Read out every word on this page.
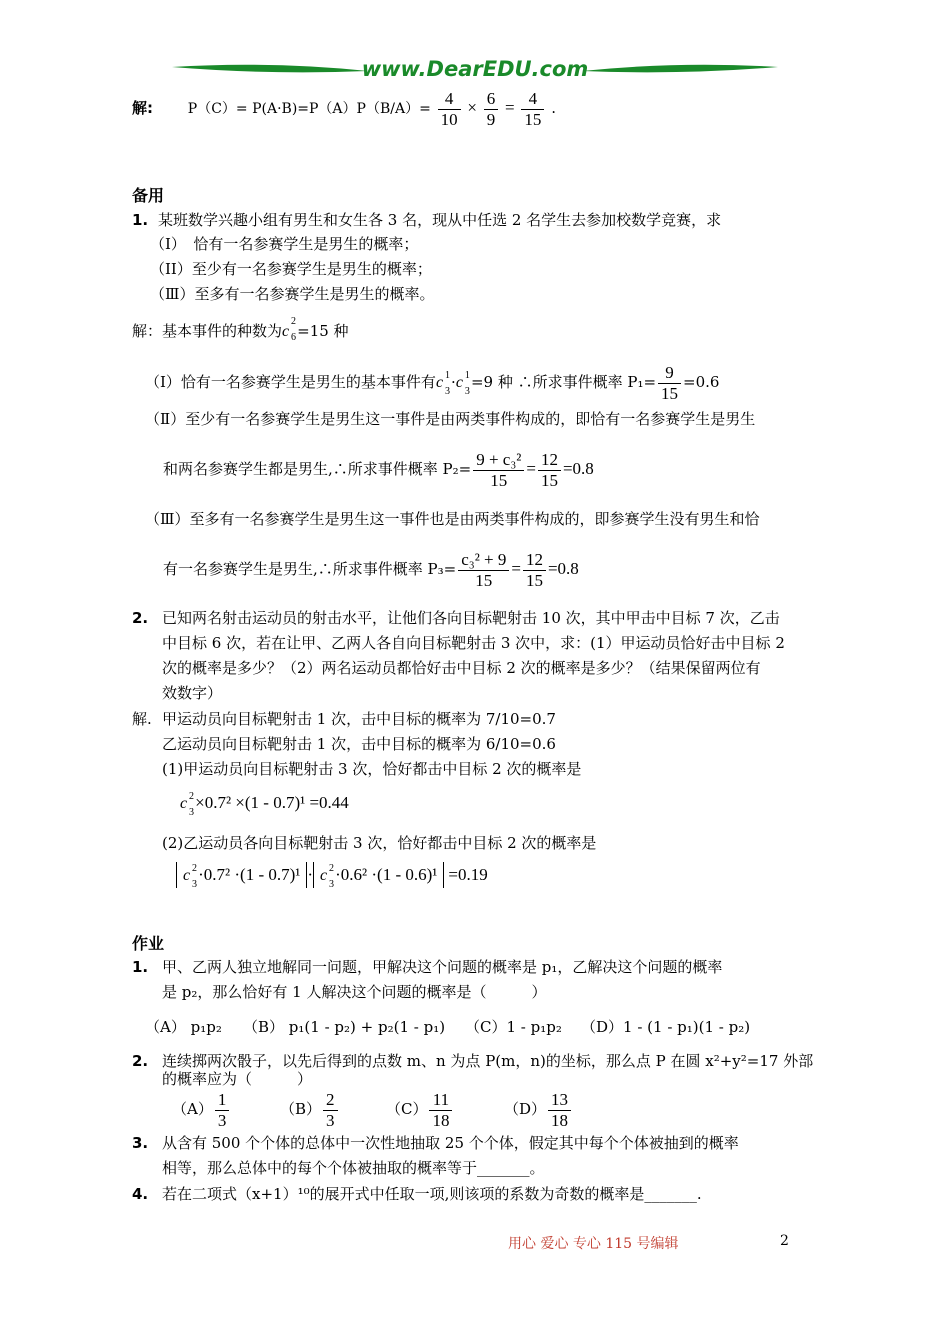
www.DearEDU.com
解: $P(C)= P(A\cdot B)=P(A)P(B/A)= \frac{4}{10} \times \frac{6}{9} = \frac{4}{15}$ .
备用
1. 某班数学兴趣小组有男生和女生各 3 名，现从中任选 2 名学生去参加校数学竞赛，求
（I）　恰有一名参赛学生是男生的概率；
（II）至少有一名参赛学生是男生的概率；
（Ⅲ）至多有一名参赛学生是男生的概率。
解：基本事件的种数为c
2
6 =15 种
（Ⅰ）恰有一名参赛学生是男生的基本事件有c 1
3
·c 1
3
=9 种 ∴所求事件概率 $P_1= \frac{9}{15} =0.6$
（Ⅱ）至少有一名参赛学生是男生这一事件是由两类事件构成的，即恰有一名参赛学生是男生
和两名参赛学生都是男生,∴所求事件概率 $P_2= \frac{\text{9 + c₃²}}{15} = \frac{12}{15} =0.8$
（Ⅲ）至多有一名参赛学生是男生这一事件也是由两类事件构成的，即参赛学生没有男生和恰
有一名参赛学生是男生,∴所求事件概率 $P_3= \frac{\text{c₃² + 9}}{15} = \frac{12}{15} =0.8$
2. 已知两名射击运动员的射击水平，让他们各向目标靶射击 10 次，其中甲击中目标 7 次，乙击
中目标 6 次，若在让甲、乙两人各自向目标靶射击 3 次中，求：(1）甲运动员恰好击中目标 2
次的概率是多少？（2）两名运动员都恰好击中目标 2 次的概率是多少？（结果保留两位有
效数字）
解. 甲运动员向目标靶射击 1 次，击中目标的概率为 7/10=0.7
乙运动员向目标靶射击 1 次，击中目标的概率为 6/10=0.6
(1)甲运动员向目标靶射击 3 次，恰好都击中目标 2 次的概率是
c 2
3
×0.7² ×(1 - 0.7)¹ =0.44
(2)乙运动员各向目标靶射击 3 次，恰好都击中目标 2 次的概率是
c 2
3
·0.7² ·(1 - 0.7)¹ · c 2
3
·0.6² ·(1 - 0.6)¹ =0.19
作业
1. 甲、乙两人独立地解同一问题，甲解决这个问题的概率是 p₁，乙解决这个问题的概率
是 p₂，那么恰好有 1 人解决这个问题的概率是（　　　）
（A） p₁p₂ （B） p₁(1 - p₂) + p₂(1 - p₁) （C）1 - p₁p₂ （D）1 - (1 - p₁)(1 - p₂)
2. 连续掷两次骰子，以先后得到的点数 m、n 为点 P(m，n)的坐标，那么点 P 在圆 x²+y²=17 外部
的概率应为（　　　）
$(A) \frac{1}{3}$	$(B) \frac{2}{3}$	$(C) \frac{11}{18}$	$(D) \frac{13}{18}$
3. 从含有 500 个个体的总体中一次性地抽取 25 个个体，假定其中每个个体被抽到的概率
相等，那么总体中的每个个体被抽取的概率等于_______。
4. 若在二项式（x+1）¹⁰的展开式中任取一项,则该项的系数为奇数的概率是_______.
用心 爱心 专心 115 号编辑	2
